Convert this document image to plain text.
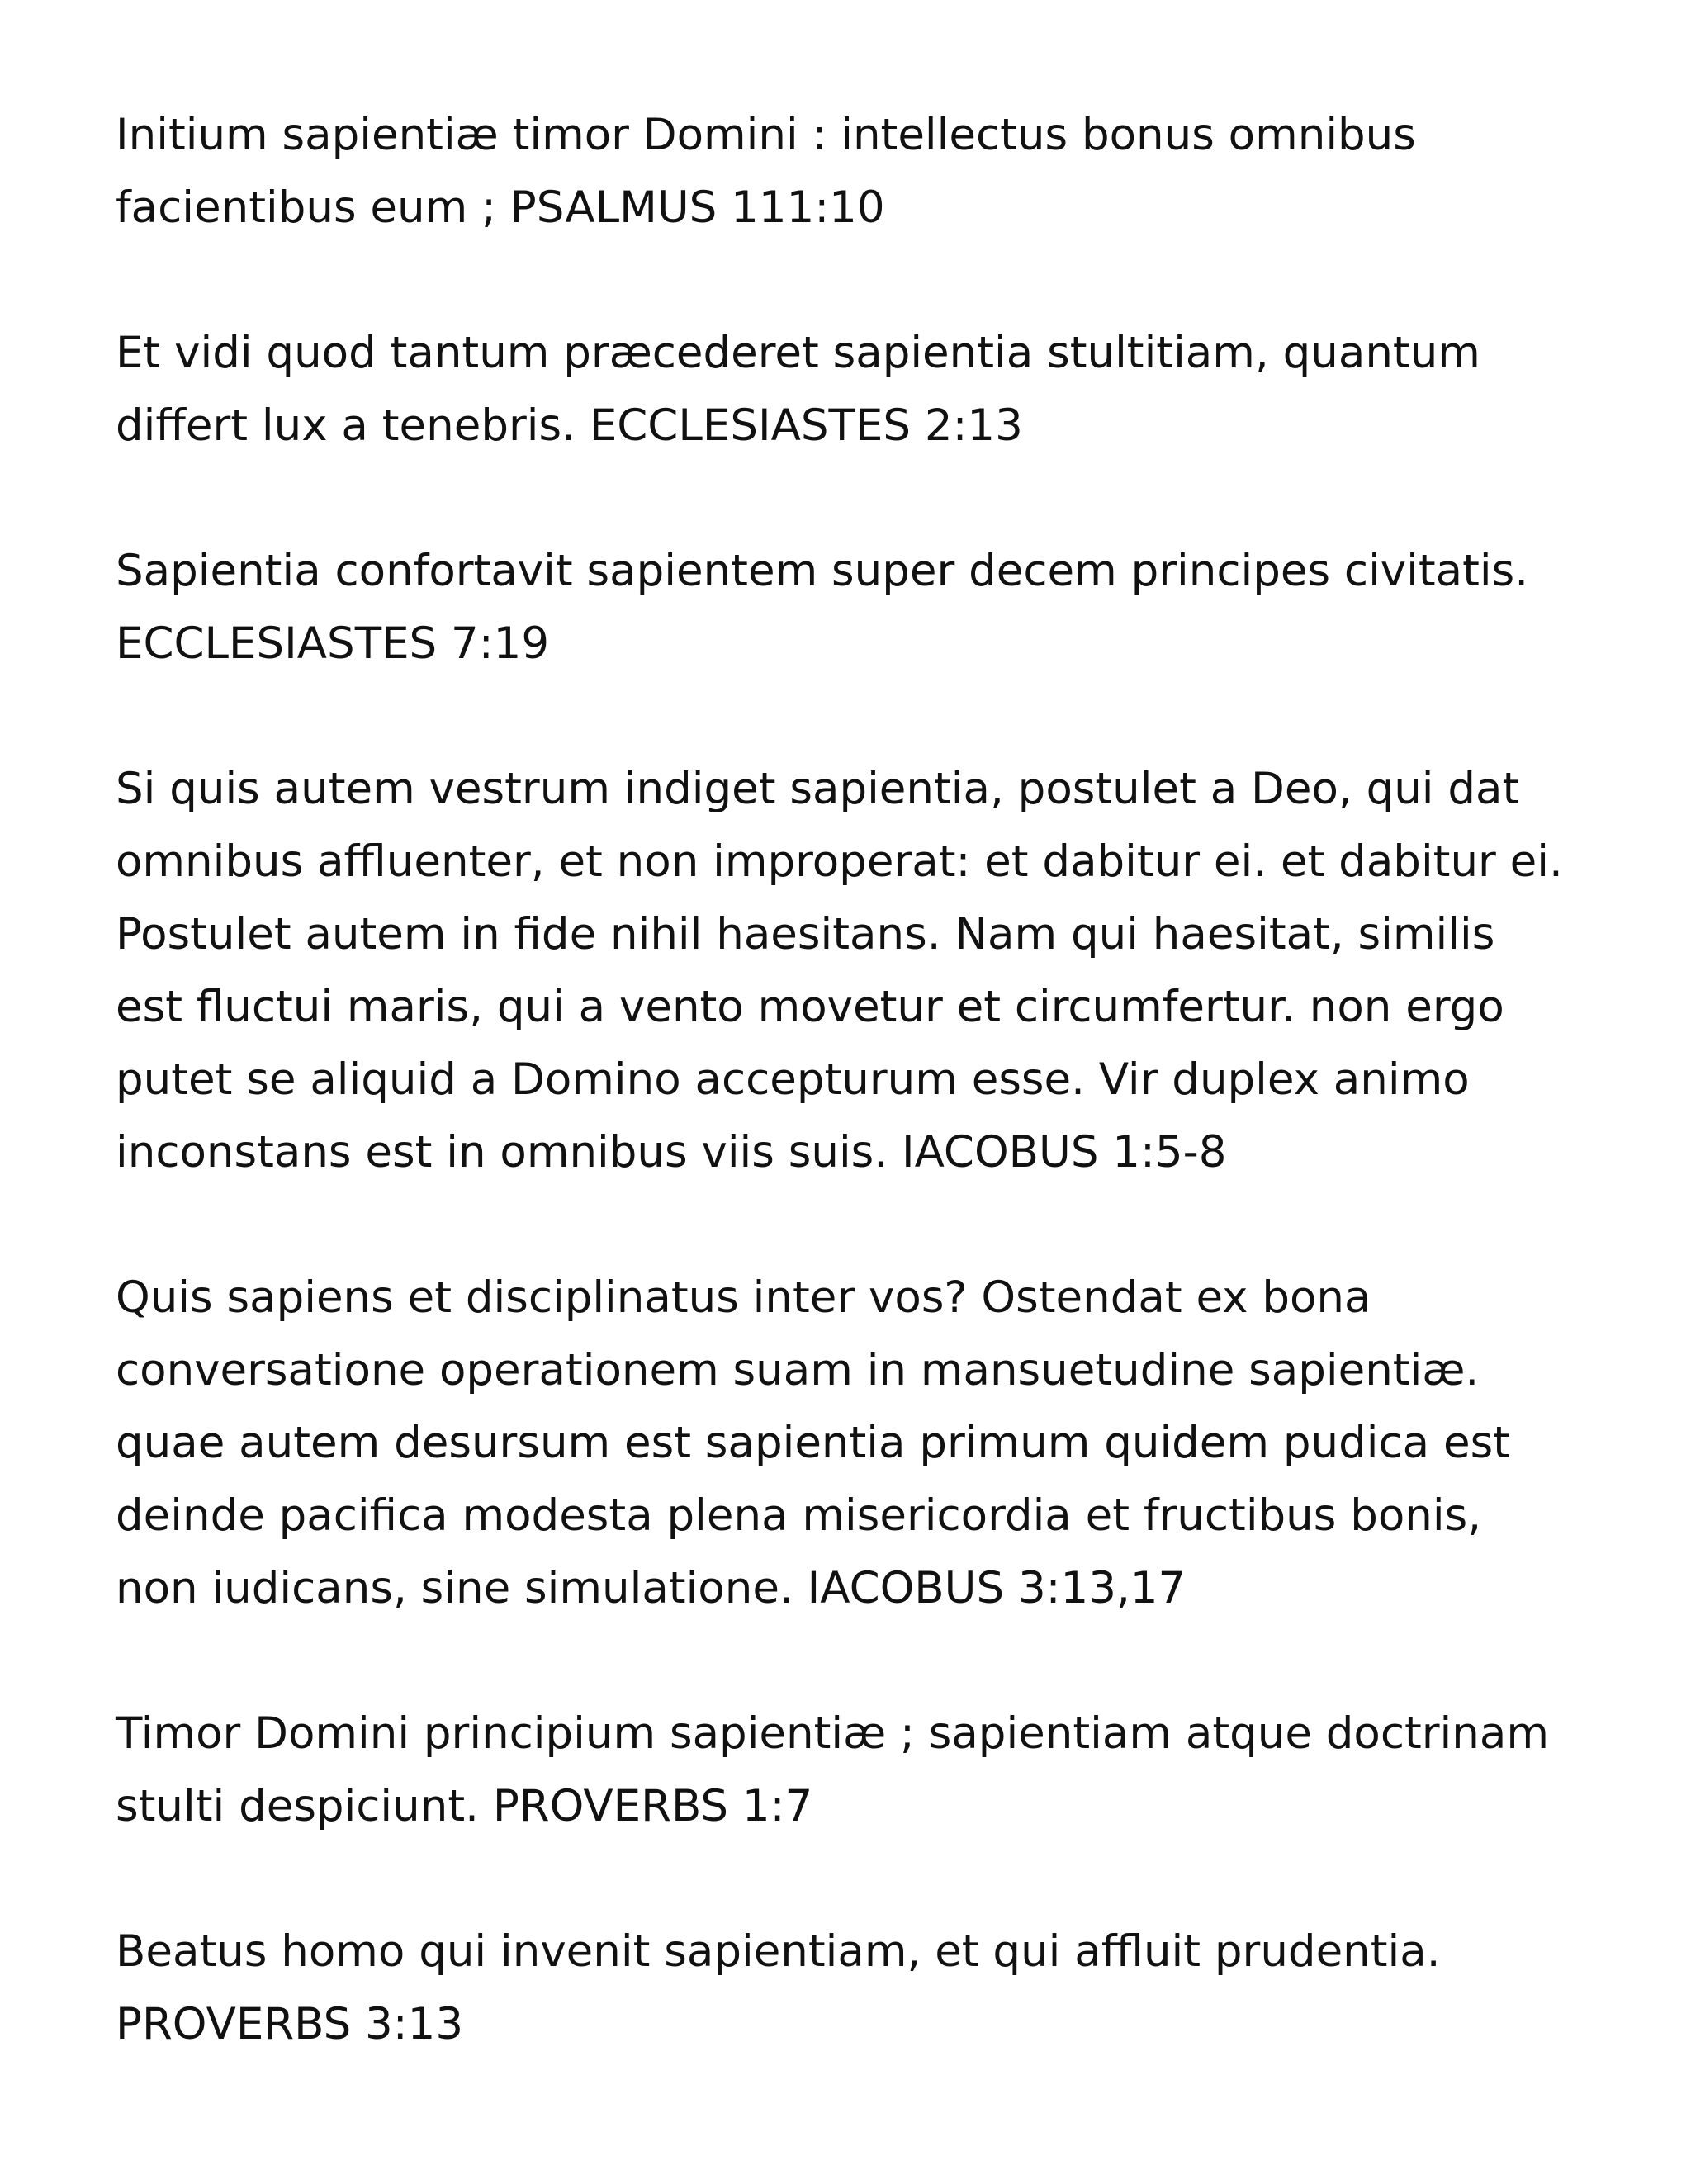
Initium sapientiæ timor Domini : intellectus bonus omnibus
facientibus eum ; PSALMUS 111:10

Et vidi quod tantum præcederet sapientia stultitiam, quantum
differt lux a tenebris. ECCLESIASTES 2:13

Sapientia confortavit sapientem super decem principes civitatis.
ECCLESIASTES 7:19

Si quis autem vestrum indiget sapientia, postulet a Deo, qui dat
omnibus affluenter, et non improperat: et dabitur ei. et dabitur ei.
Postulet autem in fide nihil haesitans. Nam qui haesitat, similis
est fluctui maris, qui a vento movetur et circumfertur. non ergo
putet se aliquid a Domino accepturum esse. Vir duplex animo
inconstans est in omnibus viis suis. IACOBUS 1:5-8

Quis sapiens et disciplinatus inter vos? Ostendat ex bona
conversatione operationem suam in mansuetudine sapientiæ.
quae autem desursum est sapientia primum quidem pudica est
deinde pacifica modesta plena misericordia et fructibus bonis,
non iudicans, sine simulatione. IACOBUS 3:13,17

Timor Domini principium sapientiæ ; sapientiam atque doctrinam
stulti despiciunt. PROVERBS 1:7

Beatus homo qui invenit sapientiam, et qui affluit prudentia.
PROVERBS 3:13
